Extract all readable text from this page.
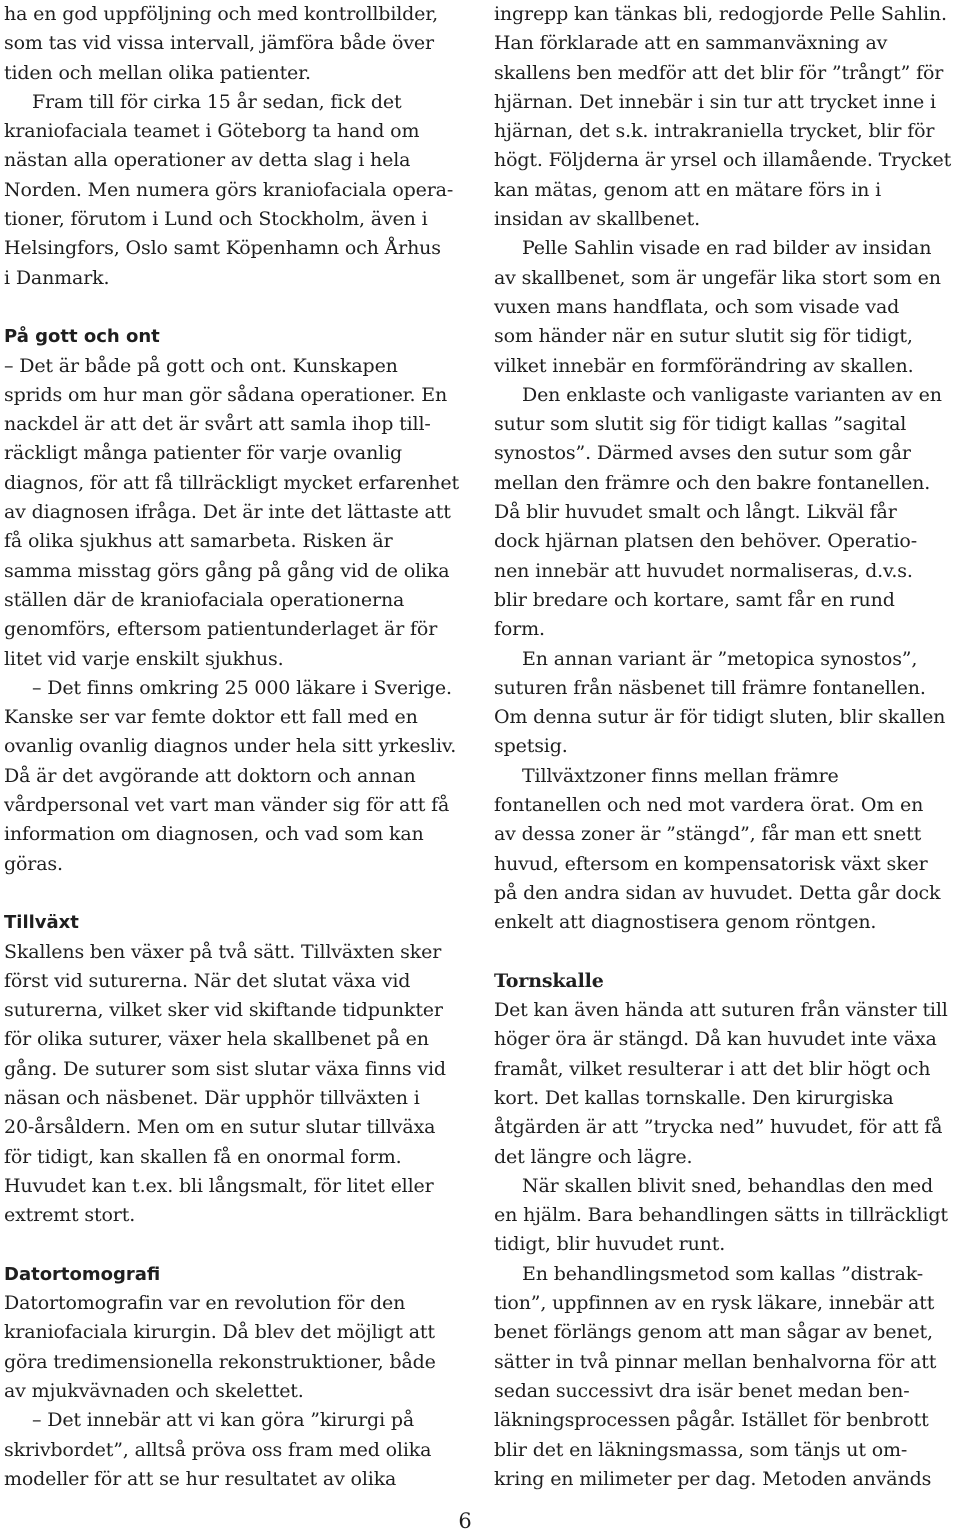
ha en god uppföljning och med kontrollbilder,
som tas vid vissa intervall, jämföra både över
tiden och mellan olika patienter.
Fram till för cirka 15 år sedan, fick det
kraniofaciala teamet i Göteborg ta hand om
nästan alla operationer av detta slag i hela
Norden. Men numera görs kraniofaciala opera-
tioner, förutom i Lund och Stockholm, även i
Helsingfors, Oslo samt Köpenhamn och Århus
i Danmark.
På gott och ont
– Det är både på gott och ont. Kunskapen
sprids om hur man gör sådana operationer. En
nackdel är att det är svårt att samla ihop till-
räckligt många patienter för varje ovanlig
diagnos, för att få tillräckligt mycket erfarenhet
av diagnosen ifråga. Det är inte det lättaste att
få olika sjukhus att samarbeta. Risken är
samma misstag görs gång på gång vid de olika
ställen där de kraniofaciala operationerna
genomförs, eftersom patientunderlaget är för
litet vid varje enskilt sjukhus.
– Det finns omkring 25 000 läkare i Sverige.
Kanske ser var femte doktor ett fall med en
ovanlig ovanlig diagnos under hela sitt yrkesliv.
Då är det avgörande att doktorn och annan
vårdpersonal vet vart man vänder sig för att få
information om diagnosen, och vad som kan
göras.
Tillväxt
Skallens ben växer på två sätt. Tillväxten sker
först vid suturerna. När det slutat växa vid
suturerna, vilket sker vid skiftande tidpunkter
för olika suturer, växer hela skallbenet på en
gång. De suturer som sist slutar växa finns vid
näsan och näsbenet. Där upphör tillväxten i
20-årsåldern. Men om en sutur slutar tillväxa
för tidigt, kan skallen få en onormal form.
Huvudet kan t.ex. bli långsmalt, för litet eller
extremt stort.
Datortomografi
Datortomografin var en revolution för den
kraniofaciala kirurgin. Då blev det möjligt att
göra tredimensionella rekonstruktioner, både
av mjukvävnaden och skelettet.
– Det innebär att vi kan göra ”kirurgi på
skrivbordet”, alltså pröva oss fram med olika
modeller för att se hur resultatet av olika
ingrepp kan tänkas bli, redogjorde Pelle Sahlin.
Han förklarade att en sammanväxning av
skallens ben medför att det blir för ”trångt” för
hjärnan. Det innebär i sin tur att trycket inne i
hjärnan, det s.k. intrakraniella trycket, blir för
högt. Följderna är yrsel och illamående. Trycket
kan mätas, genom att en mätare förs in i
insidan av skallbenet.
Pelle Sahlin visade en rad bilder av insidan
av skallbenet, som är ungefär lika stort som en
vuxen mans handflata, och som visade vad
som händer när en sutur slutit sig för tidigt,
vilket innebär en formförändring av skallen.
Den enklaste och vanligaste varianten av en
sutur som slutit sig för tidigt kallas ”sagital
synostos”. Därmed avses den sutur som går
mellan den främre och den bakre fontanellen.
Då blir huvudet smalt och långt. Likväl får
dock hjärnan platsen den behöver. Operatio-
nen innebär att huvudet normaliseras, d.v.s.
blir bredare och kortare, samt får en rund
form.
En annan variant är ”metopica synostos”,
suturen från näsbenet till främre fontanellen.
Om denna sutur är för tidigt sluten, blir skallen
spetsig.
Tillväxtzoner finns mellan främre
fontanellen och ned mot vardera örat. Om en
av dessa zoner är ”stängd”, får man ett snett
huvud, eftersom en kompensatorisk växt sker
på den andra sidan av huvudet. Detta går dock
enkelt att diagnostisera genom röntgen.
Tornskalle
Det kan även hända att suturen från vänster till
höger öra är stängd. Då kan huvudet inte växa
framåt, vilket resulterar i att det blir högt och
kort. Det kallas tornskalle. Den kirurgiska
åtgärden är att ”trycka ned” huvudet, för att få
det längre och lägre.
När skallen blivit sned, behandlas den med
en hjälm. Bara behandlingen sätts in tillräckligt
tidigt, blir huvudet runt.
En behandlingsmetod som kallas ”distrak-
tion”, uppfinnen av en rysk läkare, innebär att
benet förlängs genom att man sågar av benet,
sätter in två pinnar mellan benhalvorna för att
sedan successivt dra isär benet medan ben-
läkningsprocessen pågår. Istället för benbrott
blir det en läkningsmassa, som tänjs ut om-
kring en milimeter per dag. Metoden används
6
